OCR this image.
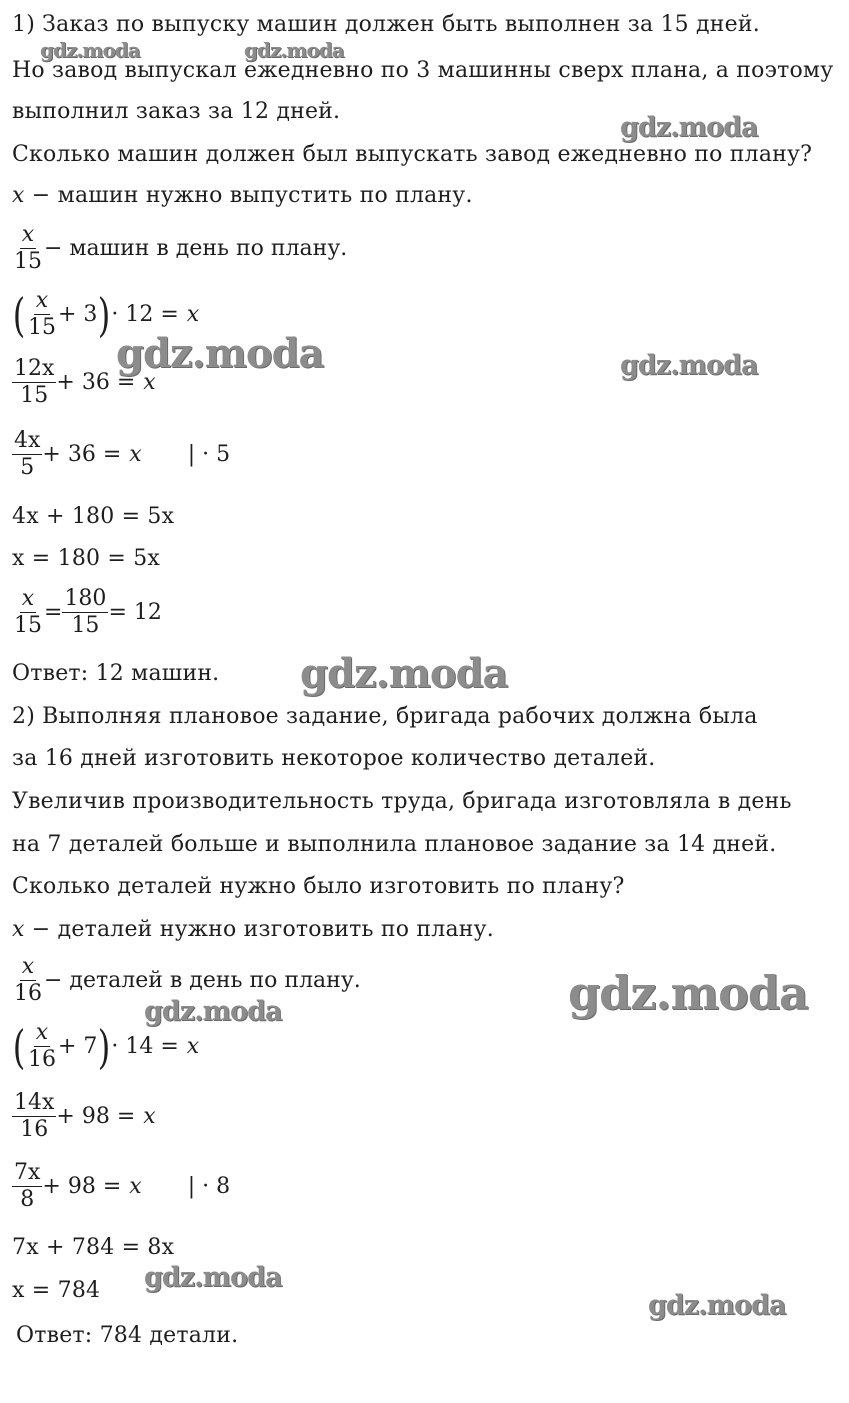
1) Заказ по выпуску машин должен быть выполнен за 15 дней.
Но завод выпускал ежедневно по 3 машинны сверх плана, а поэтому
выполнил заказ за 12 дней.
Сколько машин должен был выпускать завод ежедневно по плану?
x − машин нужно выпустить по плану.
$\frac{x}{15}$ − машин в день по плану.
( $\frac{x}{15} + 3$ ) · 12 = x
$\frac{12x}{15} + 36 = x$
$\frac{4x}{5} + 36 = x$ | · 5
4x + 180 = 5x
x = 180 = 5x
$\frac{x}{15} = \frac{180}{15} = 12$
Ответ: 12 машин.
2) Выполняя плановое задание, бригада рабочих должна была
за 16 дней изготовить некоторое количество деталей.
Увеличив производительность труда, бригада изготовляла в день
на 7 деталей больше и выполнила плановое задание за 14 дней.
Сколько деталей нужно было изготовить по плану?
x − деталей нужно изготовить по плану.
$\frac{x}{16}$ − деталей в день по плану.
( $\frac{x}{16} + 7$ ) · 14 = x
$\frac{14x}{16} + 98 = x$
$\frac{7x}{8} + 98 = x$ | · 8
7x + 784 = 8x
x = 784
Ответ: 784 детали.
gdz.moda	gdz.moda
gdz.moda
gdz.moda	gdz.moda
gdz.moda
gdz.moda
gdz.moda
gdz.moda
gdz.moda
